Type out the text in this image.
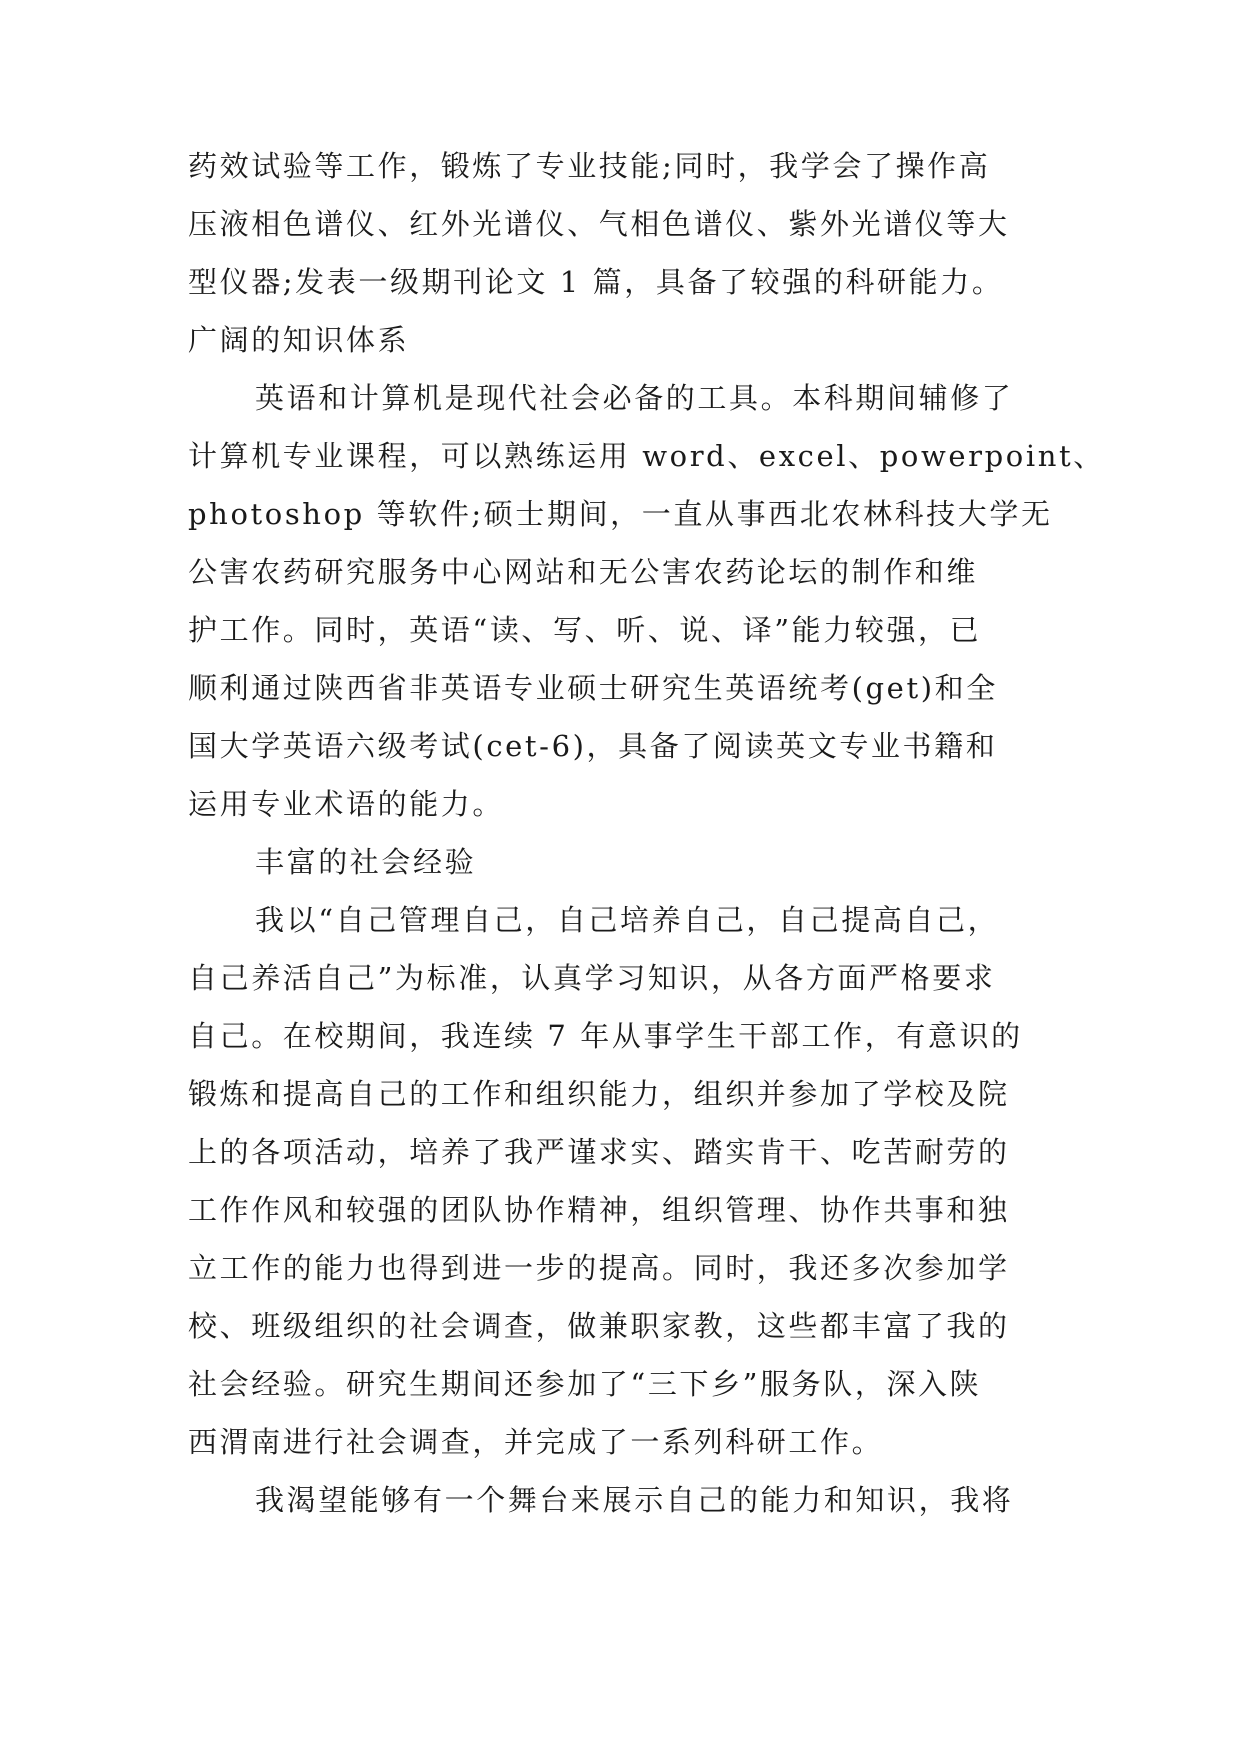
药效试验等工作，锻炼了专业技能;同时，我学会了操作高
压液相色谱仪、红外光谱仪、气相色谱仪、紫外光谱仪等大
型仪器;发表一级期刊论文 1 篇，具备了较强的科研能力。
广阔的知识体系
英语和计算机是现代社会必备的工具。本科期间辅修了
计算机专业课程，可以熟练运用 word、excel、powerpoint、
photoshop 等软件;硕士期间，一直从事西北农林科技大学无
公害农药研究服务中心网站和无公害农药论坛的制作和维
护工作。同时，英语“读、写、听、说、译”能力较强，已
顺利通过陕西省非英语专业硕士研究生英语统考(get)和全
国大学英语六级考试(cet-6)，具备了阅读英文专业书籍和
运用专业术语的能力。
丰富的社会经验
我以“自己管理自己，自己培养自己，自己提高自己，
自己养活自己”为标准，认真学习知识，从各方面严格要求
自己。在校期间，我连续 7 年从事学生干部工作，有意识的
锻炼和提高自己的工作和组织能力，组织并参加了学校及院
上的各项活动，培养了我严谨求实、踏实肯干、吃苦耐劳的
工作作风和较强的团队协作精神，组织管理、协作共事和独
立工作的能力也得到进一步的提高。同时，我还多次参加学
校、班级组织的社会调查，做兼职家教，这些都丰富了我的
社会经验。研究生期间还参加了“三下乡”服务队，深入陕
西渭南进行社会调查，并完成了一系列科研工作。
我渴望能够有一个舞台来展示自己的能力和知识，我将
